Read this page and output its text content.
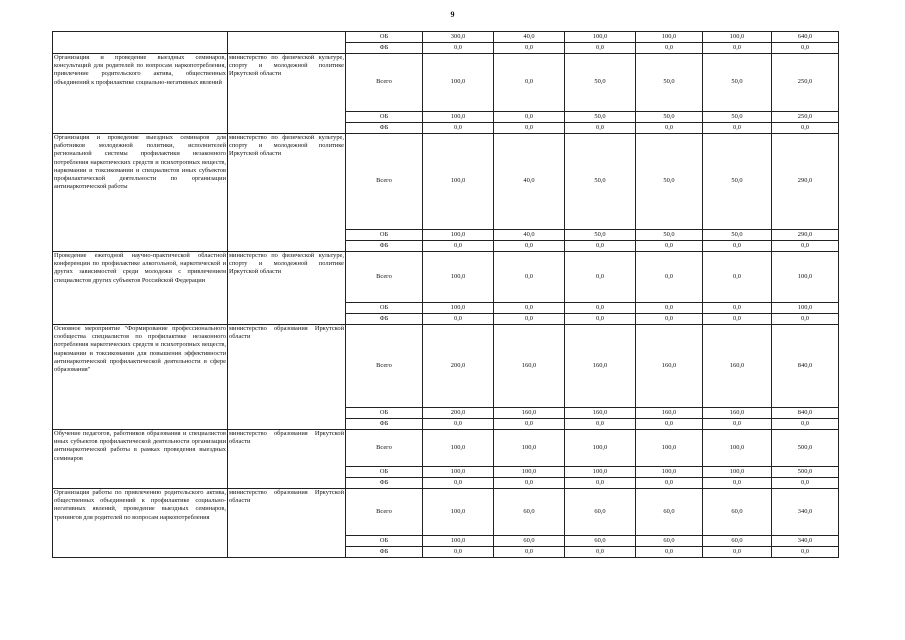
9
		ОБ	300,0	40,0	100,0	100,0	100,0	640,0
		ФБ	0,0	0,0	0,0	0,0	0,0	0,0
Организация и проведение выездных семинаров, консультаций для родителей по вопросам наркопотребления, привлечение родительского актива, общественных объединений к профилактике социально-негативных явлений	министерство по физической культуре, спорту и молодежной политике Иркутской области	Всего	100,0	0,0	50,0	50,0	50,0	250,0
		ОБ	100,0	0,0	50,0	50,0	50,0	250,0
		ФБ	0,0	0,0	0,0	0,0	0,0	0,0
Организация и проведение выездных семинаров для работников молодежной политики, исполнителей региональной системы профилактики незаконного потребления наркотических средств и психотропных веществ, наркомании и токсикомании и специалистов иных субъектов профилактической деятельности по организации антинаркотической работы	министерство по физической культуре, спорту и молодежной политике Иркутской области	Всего	100,0	40,0	50,0	50,0	50,0	290,0
		ОБ	100,0	40,0	50,0	50,0	50,0	290,0
		ФБ	0,0	0,0	0,0	0,0	0,0	0,0
Проведение ежегодной научно-практической областной конференции по профилактике алкогольной, наркотической и других зависимостей среди молодежи с привлечением специалистов других субъектов Российской Федерации	министерство по физической культуре, спорту и молодежной политике Иркутской области	Всего	100,0	0,0	0,0	0,0	0,0	100,0
		ОБ	100,0	0,0	0,0	0,0	0,0	100,0
		ФБ	0,0	0,0	0,0	0,0	0,0	0,0
Основное мероприятие "Формирование профессионального сообщества специалистов по профилактике незаконного потребления наркотических средств и психотропных веществ, наркомании и токсикомании для повышения эффективности антинаркотической профилактической деятельности в сфере образования"	министерство образования Иркутской области	Всего	200,0	160,0	160,0	160,0	160,0	840,0
		ОБ	200,0	160,0	160,0	160,0	160,0	840,0
		ФБ	0,0	0,0	0,0	0,0	0,0	0,0
Обучение педагогов, работников образования и специалистов иных субъектов профилактической деятельности организации антинаркотической работы в рамках проведения выездных семинаров	министерство образования Иркутской области	Всего	100,0	100,0	100,0	100,0	100,0	500,0
		ОБ	100,0	100,0	100,0	100,0	100,0	500,0
		ФБ	0,0	0,0	0,0	0,0	0,0	0,0
Организация работы по привлечению родительского актива, общественных объединений к профилактике социально-негативных явлений, проведение выездных семинаров, тренингов для родителей по вопросам наркопотребления	министерство образования Иркутской области	Всего	100,0	60,0	60,0	60,0	60,0	340,0
		ОБ	100,0	60,0	60,0	60,0	60,0	340,0
		ФБ	0,0	0,0	0,0	0,0	0,0	0,0
